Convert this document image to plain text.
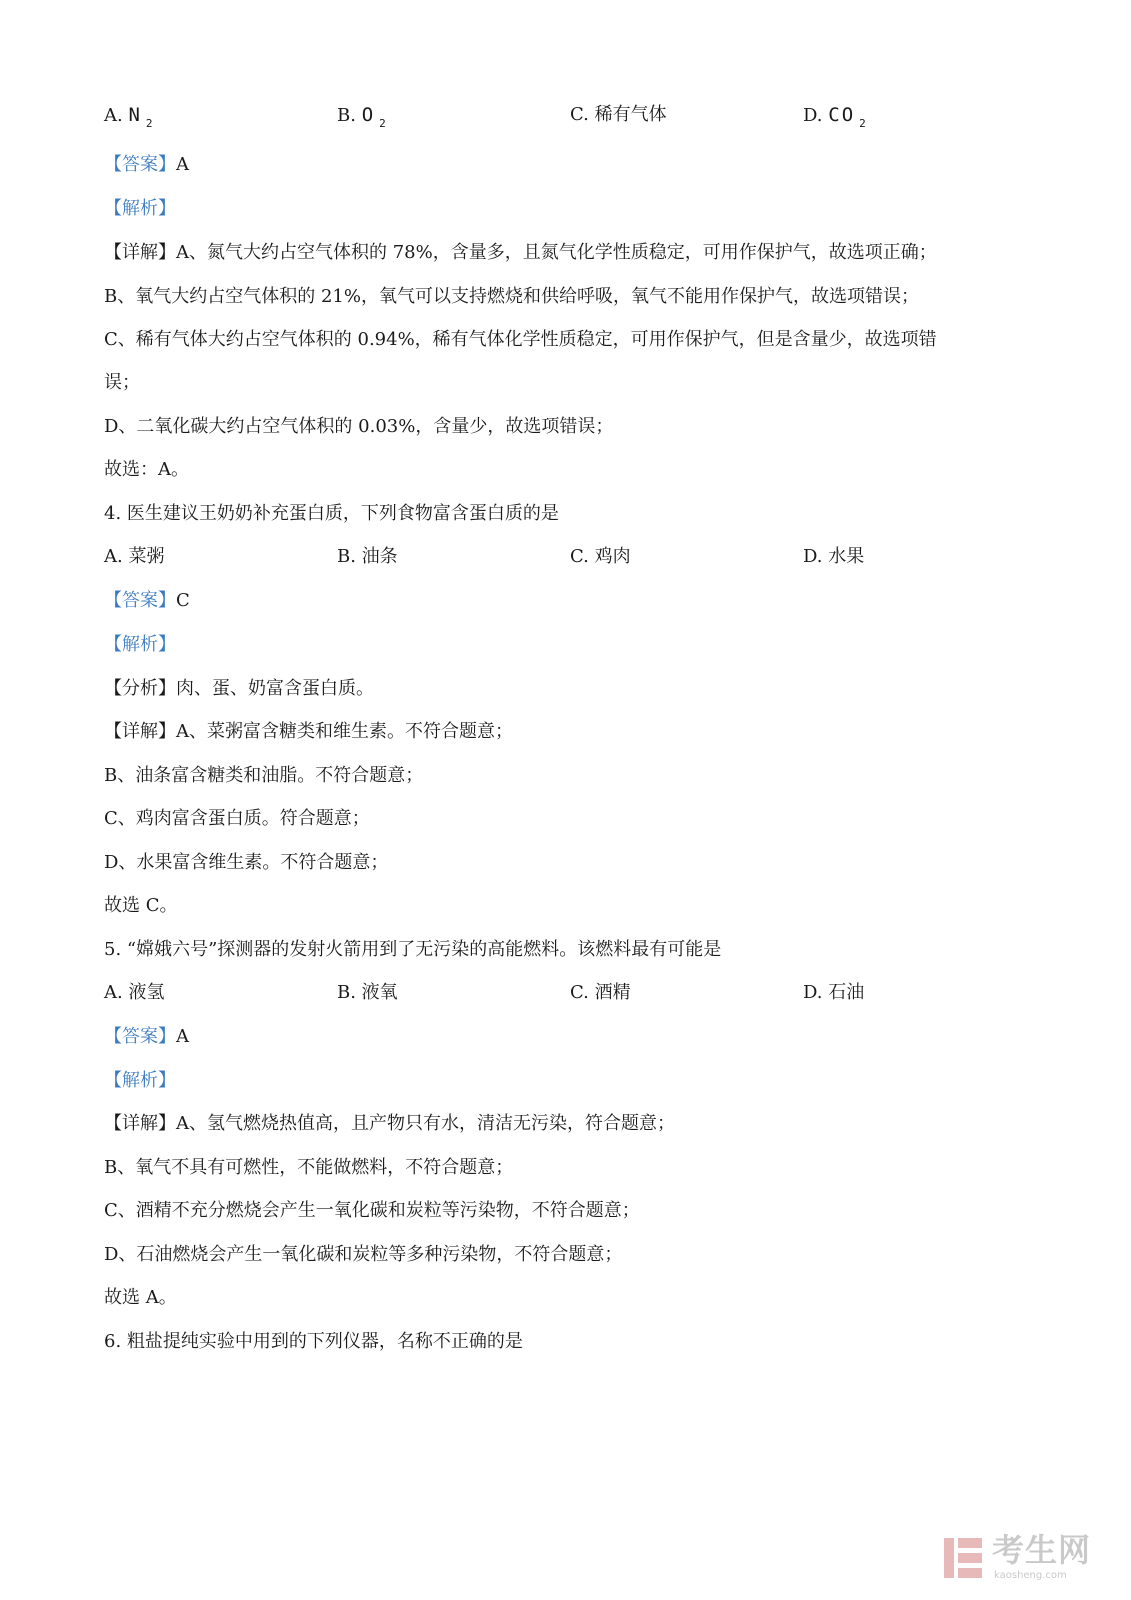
A. N $_2$	B. O $_2$	C. 稀有气体	D. CO $_2$
【答案】A
【解析】
【详解】A、氮气大约占空气体积的 78%，含量多，且氮气化学性质稳定，可用作保护气，故选项正确；
B、氧气大约占空气体积的 21%，氧气可以支持燃烧和供给呼吸，氧气不能用作保护气，故选项错误；
C、稀有气体大约占空气体积的 0.94%，稀有气体化学性质稳定，可用作保护气，但是含量少，故选项错
误；
D、二氧化碳大约占空气体积的 0.03%，含量少，故选项错误；
故选：A。
4. 医生建议王奶奶补充蛋白质，下列食物富含蛋白质的是
A. 菜粥	B. 油条	C. 鸡肉	D. 水果
【答案】C
【解析】
【分析】肉、蛋、奶富含蛋白质。
【详解】A、菜粥富含糖类和维生素。不符合题意；
B、油条富含糖类和油脂。不符合题意；
C、鸡肉富含蛋白质。符合题意；
D、水果富含维生素。不符合题意；
故选 C。
5. “嫦娥六号”探测器的发射火箭用到了无污染的高能燃料。该燃料最有可能是
A. 液氢	B. 液氧	C. 酒精	D. 石油
【答案】A
【解析】
【详解】A、氢气燃烧热值高，且产物只有水，清洁无污染，符合题意；
B、氧气不具有可燃性，不能做燃料，不符合题意；
C、酒精不充分燃烧会产生一氧化碳和炭粒等污染物，不符合题意；
D、石油燃烧会产生一氧化碳和炭粒等多种污染物，不符合题意；
故选 A。
6. 粗盐提纯实验中用到的下列仪器，名称不正确的是
考生网
kaosheng.com
